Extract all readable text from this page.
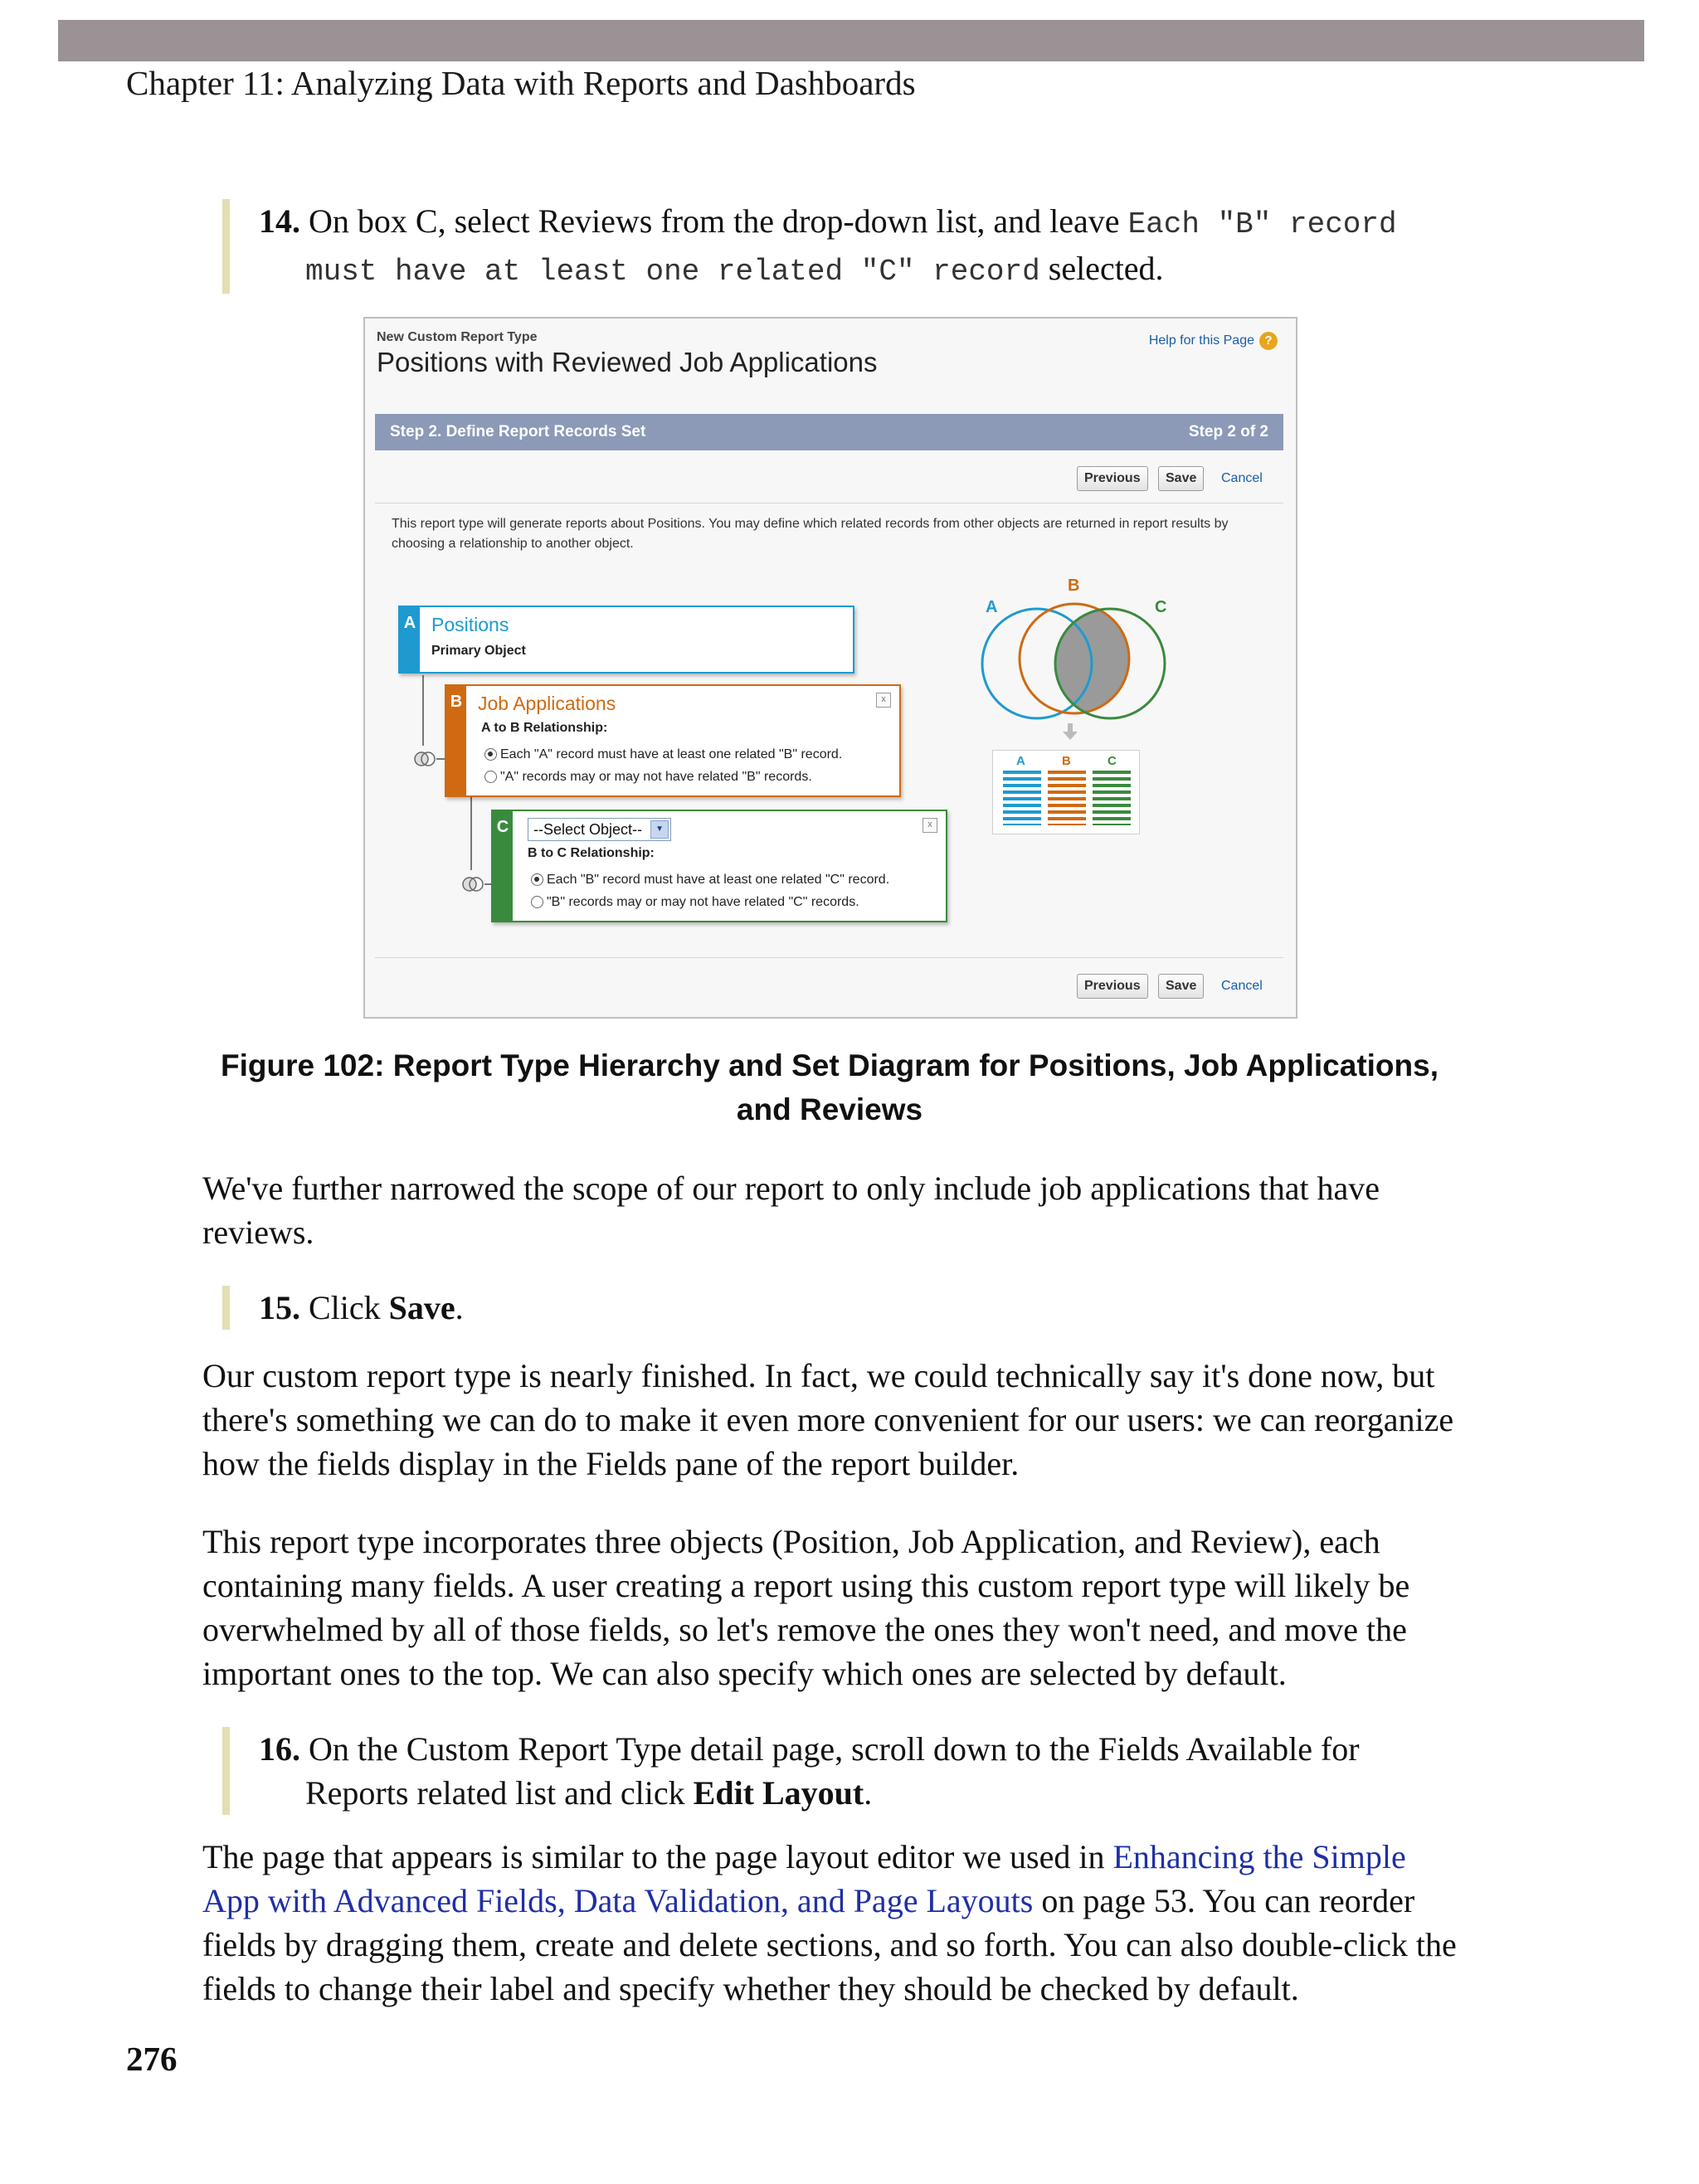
Chapter 11: Analyzing Data with Reports and Dashboards
14. On box C, select Reviews from the drop-down list, and leave Each "B" record
must have at least one related "C" record selected.
New Custom Report Type
Positions with Reviewed Job Applications
Help for this Page ?
Step 2. Define Report Records Set	Step 2 of 2
Previous	Save	Cancel
This report type will generate reports about Positions. You may define which related records from other objects are returned in report results by choosing a relationship to another object.
A Positions
Primary Object
B Job Applications	x
A to B Relationship:
Each "A" record must have at least one related "B" record.
"A" records may or may not have related "B" records.
C	--Select Object--	▼	x
B to C Relationship:
Each "B" record must have at least one related "C" record.
"B" records may or may not have related "C" records.
A
B
C
A	B	C
Previous	Save	Cancel
Figure 102: Report Type Hierarchy and Set Diagram for Positions, Job Applications,
and Reviews
We've further narrowed the scope of our report to only include job applications that have reviews.
15. Click Save.
Our custom report type is nearly finished. In fact, we could technically say it's done now, but there's something we can do to make it even more convenient for our users: we can reorganize how the fields display in the Fields pane of the report builder.
This report type incorporates three objects (Position, Job Application, and Review), each containing many fields. A user creating a report using this custom report type will likely be overwhelmed by all of those fields, so let's remove the ones they won't need, and move the important ones to the top. We can also specify which ones are selected by default.
16. On the Custom Report Type detail page, scroll down to the Fields Available for
Reports related list and click Edit Layout.
The page that appears is similar to the page layout editor we used in Enhancing the Simple App with Advanced Fields, Data Validation, and Page Layouts on page 53. You can reorder fields by dragging them, create and delete sections, and so forth. You can also double-click the fields to change their label and specify whether they should be checked by default.
276
